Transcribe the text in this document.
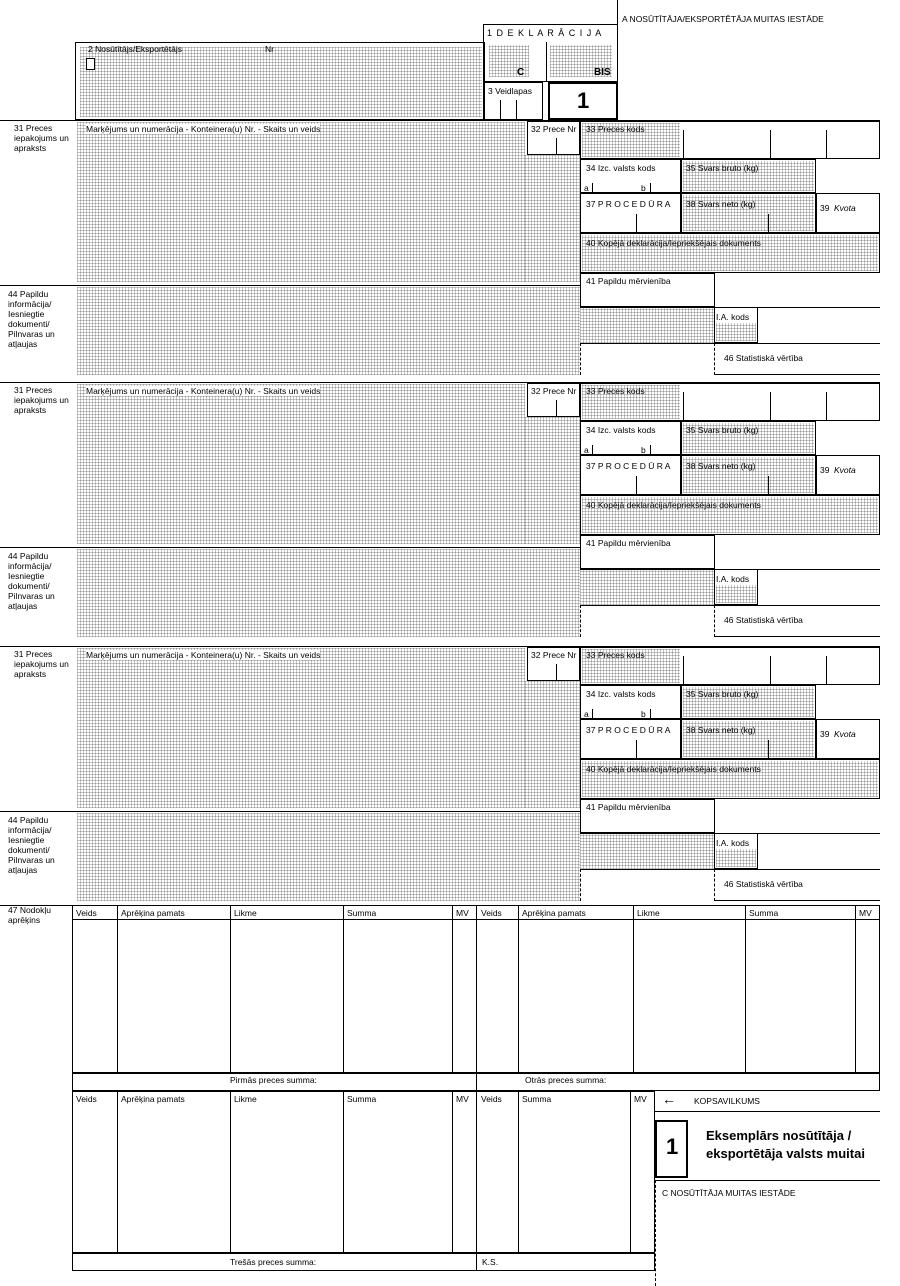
A NOSŪTĪTĀJA/EKSPORTĒTĀJA MUITAS IESTĀDE
2 Nosūtītājs/Eksportētājs	Nr
1 D E K L A R Ā C I J A
C	BIS
3 Veidlapas 1
31 Preces iepakojums un apraksts
Marķējums un numerācija - Konteinera(u) Nr. - Skaits un veids	32 Prece Nr 33 Preces kods
34 Izc. valsts kods
a	b
35 Svars bruto (kg)
37 P R O C E D Ū R A 38 Svars neto (kg)	39 Kvota
40 Kopējā deklarācija/Iepriekšējais dokuments
41 Papildu mērvienība
44 Papildu informācija/ Iesniegtie dokumenti/ Pilnvaras un atļaujas
I.A. kods
46 Statistiskā vērtība
31 Preces iepakojums un apraksts
Marķējums un numerācija - Konteinera(u) Nr. - Skaits un veids	32 Prece Nr 33 Preces kods
34 Izc. valsts kods
a	b
35 Svars bruto (kg)
37 P R O C E D Ū R A 38 Svars neto (kg)	39 Kvota
40 Kopējā deklarācija/Iepriekšējais dokuments
41 Papildu mērvienība
44 Papildu informācija/ Iesniegtie dokumenti/ Pilnvaras un atļaujas
I.A. kods
46 Statistiskā vērtība
31 Preces iepakojums un apraksts
Marķējums un numerācija - Konteinera(u) Nr. - Skaits un veids	32 Prece Nr 33 Preces kods
34 Izc. valsts kods
a	b
35 Svars bruto (kg)
37 P R O C E D Ū R A 38 Svars neto (kg)	39 Kvota
40 Kopējā deklarācija/Iepriekšējais dokuments
41 Papildu mērvienība
44 Papildu informācija/ Iesniegtie dokumenti/ Pilnvaras un atļaujas
I.A. kods
46 Statistiskā vērtība
47 Nodokļu aprēķins
Veids	Aprēķina pamats	Likme	Summa	MV Veids Aprēķina pamats	Likme	Summa	MV
Veids	Aprēķina pamats	Likme	Summa	MV Veids Summa	MV
Pirmās preces summa:	Otrās preces summa:
Trešās preces summa:	K.S.
← KOPSAVILKUMS
1 Eksemplārs nosūtītāja /
eksportētāja valsts muitai
C NOSŪTĪTĀJA MUITAS IESTĀDE
